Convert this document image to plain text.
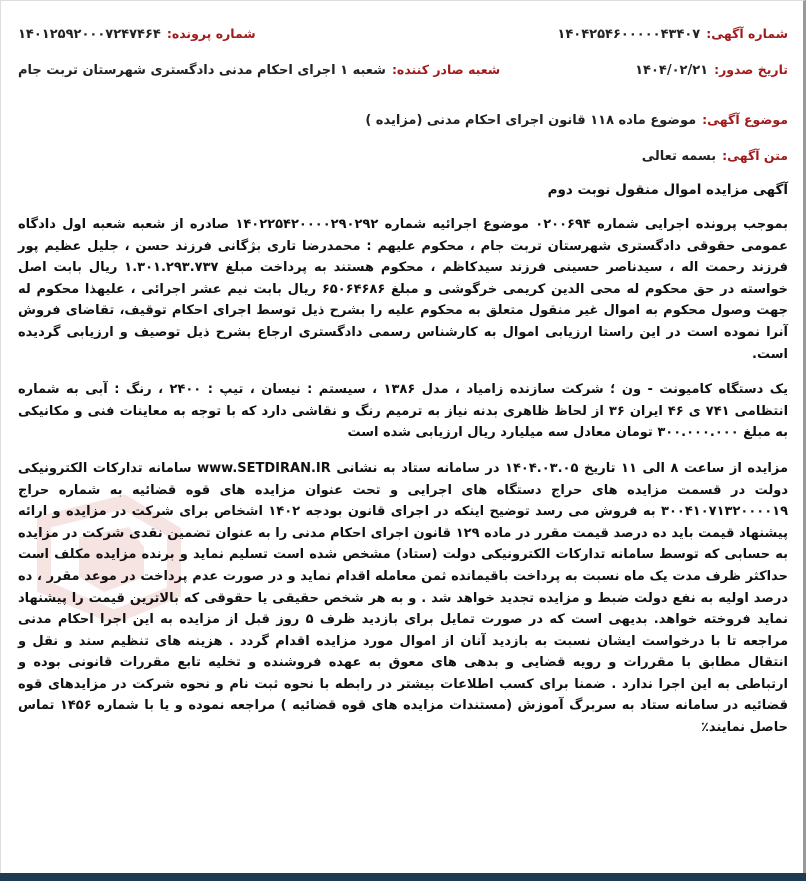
شماره آگهی:
۱۴۰۴۲۵۴۶۰۰۰۰۰۴۳۴۰۷
شماره پرونده:
۱۴۰۱۲۵۹۲۰۰۰۷۲۴۷۴۶۴
تاریخ صدور:
۱۴۰۴/۰۲/۲۱
شعبه صادر کننده:
شعبه ۱ اجرای احکام مدنی دادگستری شهرستان تربت جام
موضوع آگهی:
موضوع ماده ۱۱۸ قانون اجرای احکام مدنی (مزایده )
متن آگهی:
بسمه تعالی
آگهی مزایده اموال منقول نوبت دوم

بموجب پرونده اجرایی شماره ۰۲۰۰۶۹۴ موضوع اجرائیه شماره ۱۴۰۲۲۵۴۲۰۰۰۰۲۹۰۲۹۲ صادره از شعبه شعبه اول دادگاه عمومی حقوقی دادگستری شهرستان تربت جام ، محکوم علیهم : محمدرضا تاری بژگانی فرزند حسن ، جلیل عظیم پور فرزند رحمت اله ، سیدناصر حسینی فرزند سیدکاظم ، محکوم هستند به پرداخت مبلغ ۱.۳۰۱.۲۹۳.۷۳۷ ریال بابت اصل خواسته در حق محکوم له محی الدین کریمی خرگوشی و مبلغ ۶۵۰۶۴۶۸۶ ریال بابت نیم عشر اجرائی ، علیهذا محکوم له جهت وصول محکوم به اموال غیر منقول متعلق به محکوم علیه را بشرح ذیل توسط اجرای احکام توقیف، تقاضای فروش آنرا نموده است در این راستا ارزیابی اموال به کارشناس رسمی دادگستری ارجاع بشرح ذیل توصیف و ارزیابی گردیده است.

یک دستگاه کامیونت - ون ؛ شرکت سازنده زامیاد ، مدل ۱۳۸۶ ، سیستم : نیسان ، تیپ : ۲۴۰۰ ، رنگ : آبی به شماره انتظامی ۷۴۱ ی ۴۶ ایران ۳۶ از لحاظ ظاهری بدنه نیاز به ترمیم رنگ و نقاشی دارد که با توجه به معاینات فنی و مکانیکی به مبلغ ۳۰۰.۰۰۰.۰۰۰ تومان معادل سه میلیارد ریال ارزیابی شده است

مزایده از ساعت ۸ الی ۱۱ تاریخ ۱۴۰۴.۰۳.۰۵ در سامانه ستاد به نشانی www.SETDIRAN.IR سامانه تدارکات الکترونیکی دولت در قسمت مزایده های حراج دستگاه های اجرایی و تحت عنوان مزایده های قوه قضائیه به شماره حراج ۳۰۰۴۱۰۷۱۳۲۰۰۰۰۱۹ به فروش می رسد توضیح اینکه در اجرای قانون بودجه ۱۴۰۲ اشخاص برای شرکت در مزایده و ارائه پیشنهاد قیمت باید ده درصد قیمت مقرر در ماده ۱۲۹ قانون اجرای احکام مدنی را به عنوان تضمین نقدی شرکت در مزایده به حسابی که توسط سامانه تدارکات الکترونیکی دولت (ستاد) مشخص شده است تسلیم نماید و برنده مزایده مکلف است حداکثر ظرف مدت یک ماه نسبت به پرداخت باقیمانده ثمن معامله اقدام نماید و در صورت عدم پرداخت در موعد مقرر ، ده درصد اولیه به نفع دولت ضبط و مزایده تجدید خواهد شد . و به هر شخص حقیقی یا حقوقی که بالاترین قیمت را پیشنهاد نماید فروخته خواهد. بدیهی است که در صورت تمایل برای بازدید ظرف ۵ روز قبل از مزایده به این اجرا احکام مدنی مراجعه تا با درخواست ایشان نسبت به بازدید آنان از اموال مورد مزایده اقدام گردد . هزینه های تنظیم سند و نقل و انتقال مطابق با مقررات و رویه قضایی و بدهی های معوق به عهده فروشنده و تخلیه تابع مقررات قانونی بوده و ارتباطی به این اجرا ندارد . ضمنا برای کسب اطلاعات بیشتر در رابطه با نحوه ثبت نام و نحوه شرکت در مزایدهای قوه قضائیه در سامانه ستاد به سربرگ آموزش (مستندات مزایده های قوه قضائیه ) مراجعه نموده و یا با شماره ۱۴۵۶ تماس حاصل نمایند٪
